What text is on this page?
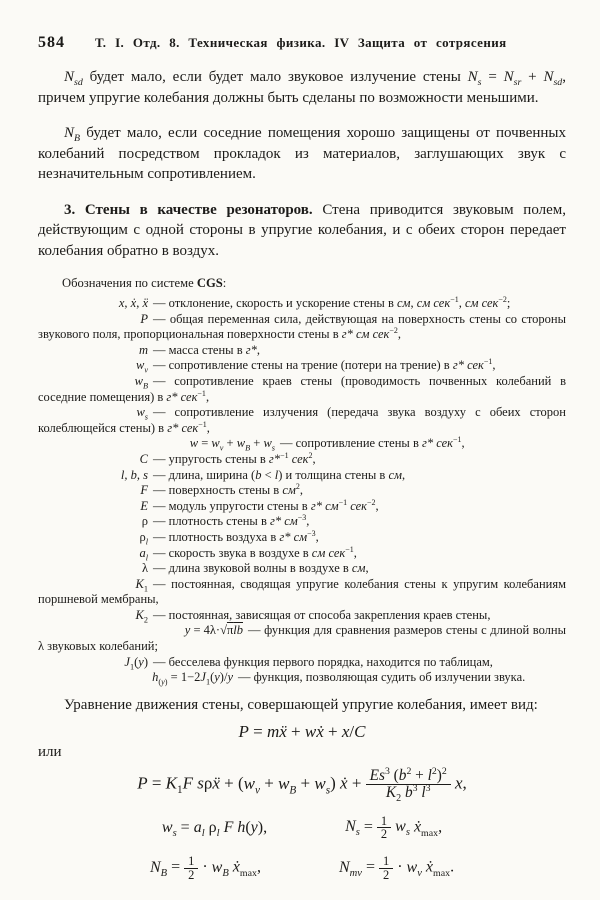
584 Т. I. Отд. 8. Техническая физика. IV Защита от сотрясения

$N_{sd}$ будет мало, если будет мало звуковое излучение стены $N_s = N_{sr} + N_{sd}$, причем упругие колебания должны быть сделаны по возможности меньшими.

$N_B$ будет мало, если соседние помещения хорошо защищены от почвенных колебаний посредством прокладок из материалов, заглушающих звук с незначительным сопротивлением.

3. Стены в качестве резонаторов. Стена приводится звуковым полем, действующим с одной стороны в упругие колебания, и с обеих сторон передает колебания обратно в воздух.

Обозначения по системе CGS:
x, ẋ, ẍ — отклонение, скорость и ускорение стены в см, см сек$^{-1}$, см сек$^{-2}$;
P — общая переменная сила, действующая на поверхность стены со стороны звукового поля, пропорциональная поверхности стены в г* см сек$^{-2}$,
m — масса стены в г*,
$w_v$ — сопротивление стены на трение (потери на трение) в г* сек$^{-1}$,
$w_B$ — сопротивление краев стены (проводимость почвенных колебаний в соседние помещения) в г* сек$^{-1}$,
$w_s$ — сопротивление излучения (передача звука воздуху с обеих сторон колеблющейся стены) в г* сек$^{-1}$,
$w = w_v + w_B + w_s$ — сопротивление стены в г* сек$^{-1}$,
C — упругость стены в г*$^{-1}$ сек$^2$,
l, b, s — длина, ширина (b < l) и толщина стены в см,
F — поверхность стены в $см^2$,
E — модуль упругости стены в г* $см^{-1}$ сек$^{-2}$,
ρ — плотность стены в г* $см^{-3}$,
$\rho_l$ — плотность воздуха в г* $см^{-3}$,
$a_l$ — скорость звука в воздухе в см сек$^{-1}$,
λ — длина звуковой волны в воздухе в см,
$K_1$ — постоянная, сводящая упругие колебания стены к упругим колебаниям поршневой мембраны,
$K_2$ — постоянная, зависящая от способа закрепления краев стены,
y = 4λ·√πlb — функция для сравнения размеров стены с длиной волны λ звуковых колебаний;
$J_1(y)$ — бесселева функция первого порядка, находится по таблицам,
$h_{(y)} = 1-2J_1(y)/y$ — функция, позволяющая судить об излучении звука.

Уравнение движения стены, совершающей упругие колебания, имеет вид:

P = mẍ + wẋ + x/C
или
$P = K_1F$ sρẍ + $(w_v + w_B + w_s)$ ẋ + $\frac{Es^3 (b^2 + l^2)^2}{K_2 b^3 l^3} x$,
$w_s = a_l$ $\rho_l$ F h(y),	$N_s = \frac{1}{2} w_s$ ẋ$_{max}$,
$N_B = \frac{1}{2} \cdot w_B$ ẋ$_{max}$,	$N_{mv} = \frac{1}{2} \cdot w_v$ ẋ$_{max}$.
